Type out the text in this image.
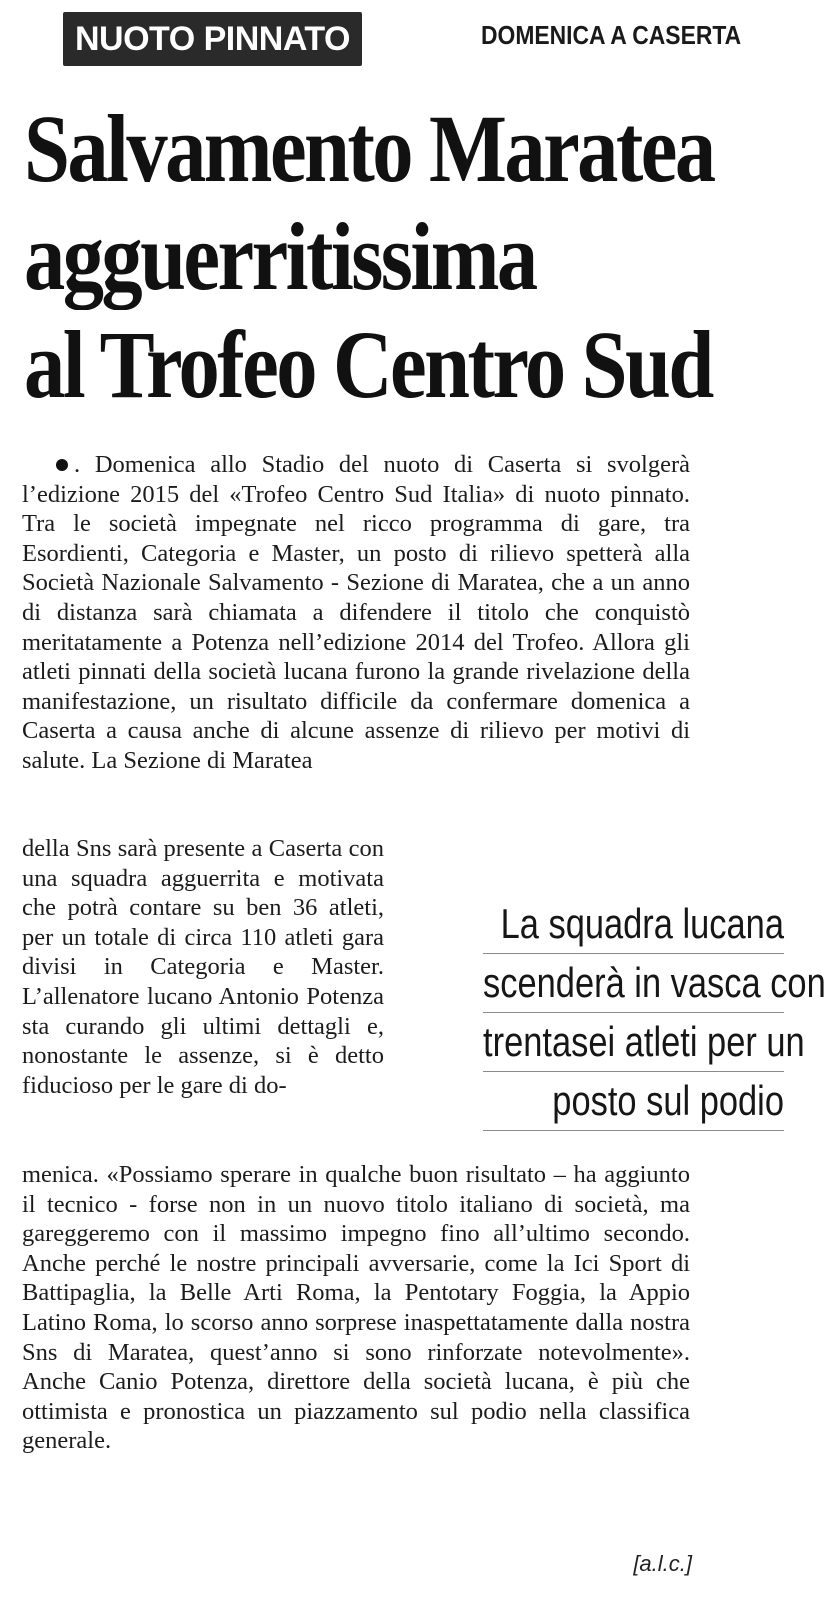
NUOTO PINNATO	DOMENICA A CASERTA
Salvamento Maratea
agguerritissima
al Trofeo Centro Sud
. Domenica allo Stadio del nuoto di Caserta si svolgerà l’edizione 2015 del «Trofeo Centro Sud Italia» di nuoto pinnato. Tra le società impegnate nel ricco programma di gare, tra Esordienti, Categoria e Master, un posto di rilievo spetterà alla Società Nazionale Salvamento - Sezione di Maratea, che a un anno di distanza sarà chiamata a difendere il titolo che conquistò meritatamente a Potenza nell’edizione 2014 del Trofeo. Allora gli atleti pinnati della società lucana furono la grande rivelazione della manifestazione, un risultato difficile da confermare domenica a Caserta a causa anche di alcune assenze di rilievo per motivi di salute. La Sezione di Maratea
della Sns sarà presente a Caserta con una squadra agguerrita e motivata che potrà contare su ben 36 atleti, per un totale di circa 110 atleti gara divisi in Categoria e Master. L’allenatore lucano Antonio Potenza sta curando gli ultimi dettagli e, nonostante le assenze, si è detto fiducioso per le gare di do-
La squadra lucana
scenderà in vasca con
trentasei atleti per un
posto sul podio
menica. «Possiamo sperare in qualche buon risultato – ha aggiunto il tecnico - forse non in un nuovo titolo italiano di società, ma gareggeremo con il massimo impegno fino all’ultimo secondo. Anche perché le nostre principali avversarie, come la Ici Sport di Battipaglia, la Belle Arti Roma, la Pentotary Foggia, la Appio Latino Roma, lo scorso anno sorprese inaspettatamente dalla nostra Sns di Maratea, quest’anno si sono rinforzate notevolmente». Anche Canio Potenza, direttore della società lucana, è più che ottimista e pronostica un piazzamento sul podio nella classifica generale.
[a.l.c.]
